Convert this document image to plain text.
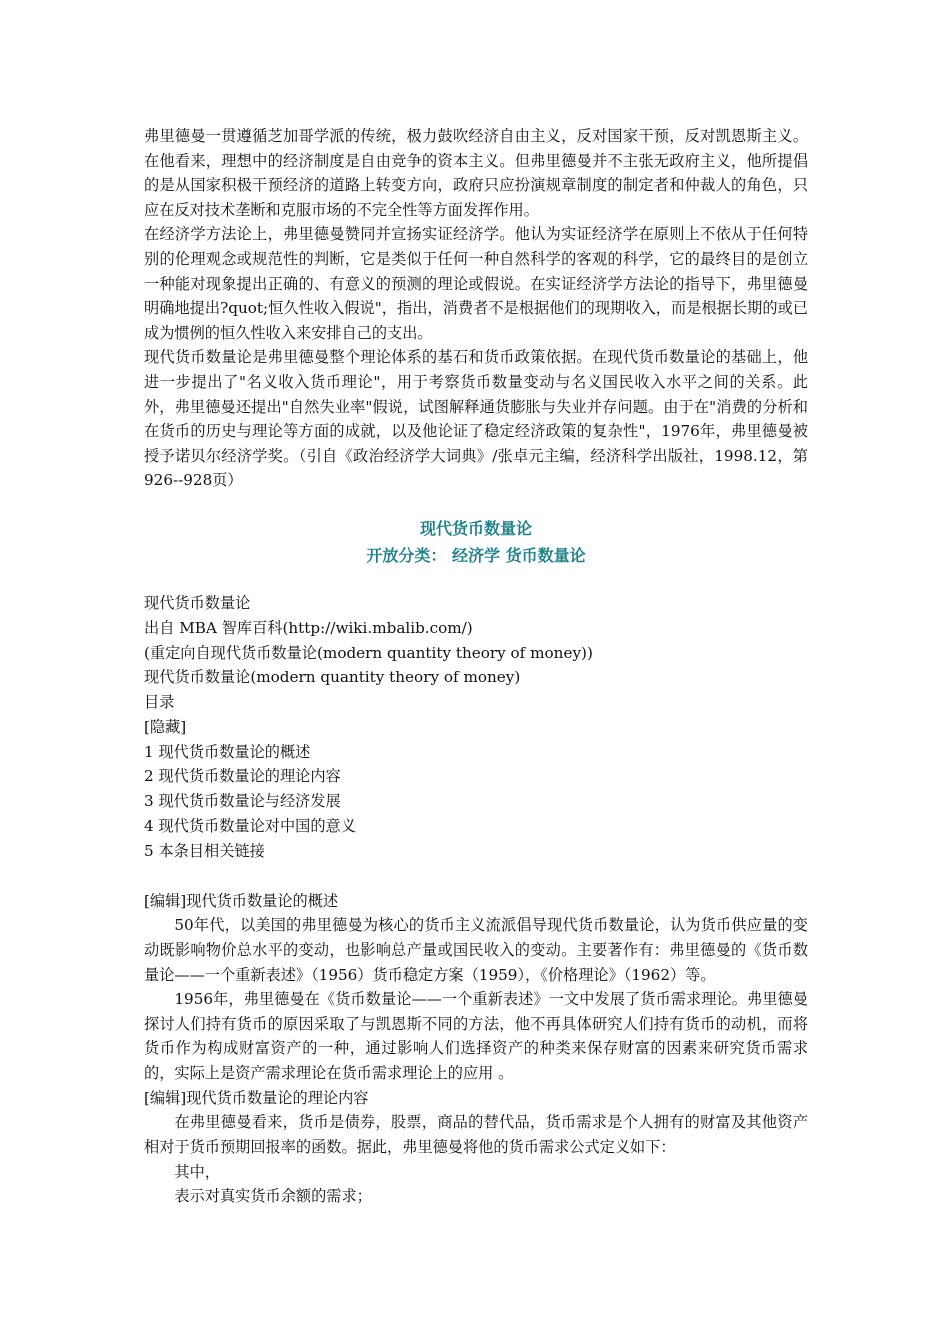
弗里德曼一贯遵循芝加哥学派的传统，极力鼓吹经济自由主义，反对国家干预，反对凯恩斯主义。在他看来，理想中的经济制度是自由竞争的资本主义。但弗里德曼并不主张无政府主义，他所提倡的是从国家积极干预经济的道路上转变方向，政府只应扮演规章制度的制定者和仲裁人的角色，只应在反对技术垄断和克服市场的不完全性等方面发挥作用。

在经济学方法论上，弗里德曼赞同并宣扬实证经济学。他认为实证经济学在原则上不依从于任何特别的伦理观念或规范性的判断，它是类似于任何一种自然科学的客观的科学，它的最终目的是创立一种能对现象提出正确的、有意义的预测的理论或假说。在实证经济学方法论的指导下，弗里德曼明确地提出?quot;恒久性收入假说"，指出，消费者不是根据他们的现期收入，而是根据长期的或已成为惯例的恒久性收入来安排自己的支出。

现代货币数量论是弗里德曼整个理论体系的基石和货币政策依据。在现代货币数量论的基础上，他进一步提出了"名义收入货币理论"，用于考察货币数量变动与名义国民收入水平之间的关系。此外，弗里德曼还提出"自然失业率"假说，试图解释通货膨胀与失业并存问题。由于在"消费的分析和在货币的历史与理论等方面的成就，以及他论证了稳定经济政策的复杂性"，1976年，弗里德曼被授予诺贝尔经济学奖。（引自《政治经济学大词典》/张卓元主编，经济科学出版社，1998.12，第926--928页）

现代货币数量论

开放分类： 经济学 货币数量论

现代货币数量论

出自 MBA 智库百科(http://wiki.mbalib.com/)

(重定向自现代货币数量论(modern quantity theory of money))

现代货币数量论(modern quantity theory of money)

目录

[隐藏]

1 现代货币数量论的概述

2 现代货币数量论的理论内容

3 现代货币数量论与经济发展

4 现代货币数量论对中国的意义

5 本条目相关链接

[编辑]现代货币数量论的概述

50年代，以美国的弗里德曼为核心的货币主义流派倡导现代货币数量论，认为货币供应量的变动既影响物价总水平的变动，也影响总产量或国民收入的变动。主要著作有：弗里德曼的《货币数量论——一个重新表述》（1956）货币稳定方案（1959），《价格理论》（1962）等。

1956年，弗里德曼在《货币数量论——一个重新表述》一文中发展了货币需求理论。弗里德曼探讨人们持有货币的原因采取了与凯恩斯不同的方法，他不再具体研究人们持有货币的动机，而将货币作为构成财富资产的一种，通过影响人们选择资产的种类来保存财富的因素来研究货币需求的，实际上是资产需求理论在货币需求理论上的应用 。

[编辑]现代货币数量论的理论内容

在弗里德曼看来，货币是债券，股票，商品的替代品，货币需求是个人拥有的财富及其他资产相对于货币预期回报率的函数。据此，弗里德曼将他的货币需求公式定义如下：

其中，

表示对真实货币余额的需求；
